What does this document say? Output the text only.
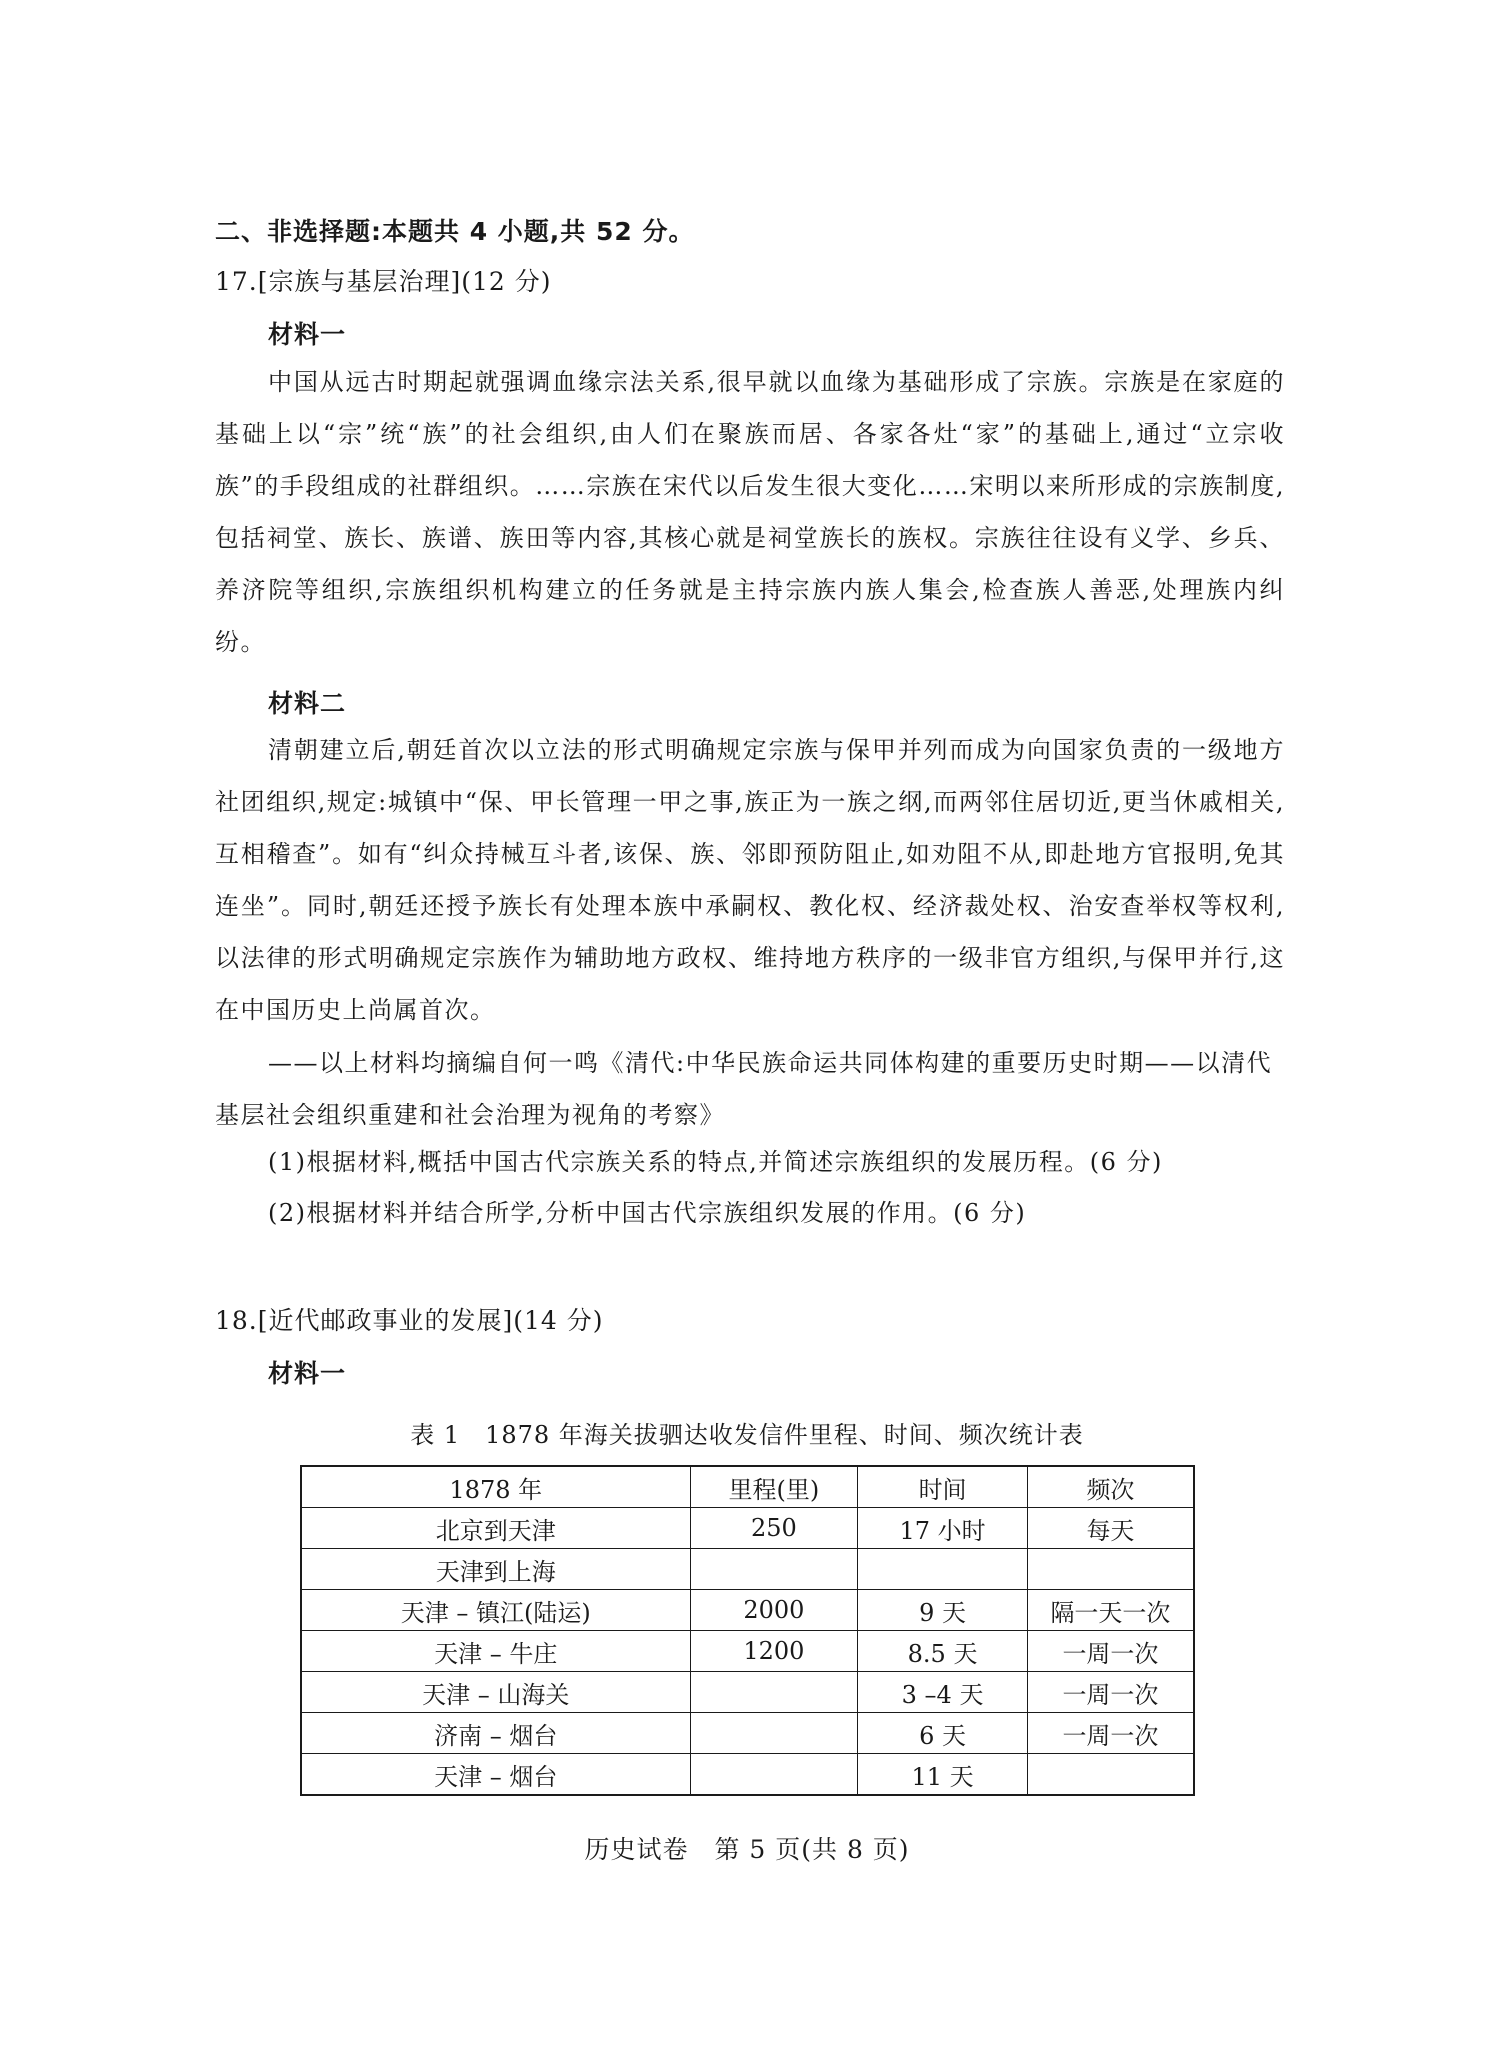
二、非选择题:本题共 4 小题,共 52 分。
17.[宗族与基层治理](12 分)
材料一

中国从远古时期起就强调血缘宗法关系,很早就以血缘为基础形成了宗族。宗族是在家庭的基础上以“宗”统“族”的社会组织,由人们在聚族而居、各家各灶“家”的基础上,通过“立宗收族”的手段组成的社群组织。……宗族在宋代以后发生很大变化……宋明以来所形成的宗族制度,包括祠堂、族长、族谱、族田等内容,其核心就是祠堂族长的族权。宗族往往设有义学、乡兵、养济院等组织,宗族组织机构建立的任务就是主持宗族内族人集会,检查族人善恶,处理族内纠纷。

材料二

清朝建立后,朝廷首次以立法的形式明确规定宗族与保甲并列而成为向国家负责的一级地方社团组织,规定:城镇中“保、甲长管理一甲之事,族正为一族之纲,而两邻住居切近,更当休戚相关,互相稽查”。如有“纠众持械互斗者,该保、族、邻即预防阻止,如劝阻不从,即赴地方官报明,免其连坐”。同时,朝廷还授予族长有处理本族中承嗣权、教化权、经济裁处权、治安查举权等权利,以法律的形式明确规定宗族作为辅助地方政权、维持地方秩序的一级非官方组织,与保甲并行,这在中国历史上尚属首次。

——以上材料均摘编自何一鸣《清代:中华民族命运共同体构建的重要历史时期——以清代基层社会组织重建和社会治理为视角的考察》

(1)根据材料,概括中国古代宗族关系的特点,并简述宗族组织的发展历程。(6 分)
(2)根据材料并结合所学,分析中国古代宗族组织发展的作用。(6 分)
18.[近代邮政事业的发展](14 分)
材料一
表 1　1878 年海关拔驷达收发信件里程、时间、频次统计表
1878 年	里程(里)	时间	频次
北京到天津	250	17 小时	每天
天津到上海			
天津 – 镇江(陆运)	2000	9 天	隔一天一次
天津 – 牛庄	1200	8.5 天	一周一次
天津 – 山海关		3 –4 天	一周一次
济南 – 烟台		6 天	一周一次
天津 – 烟台		11 天	
历史试卷　第 5 页(共 8 页)
